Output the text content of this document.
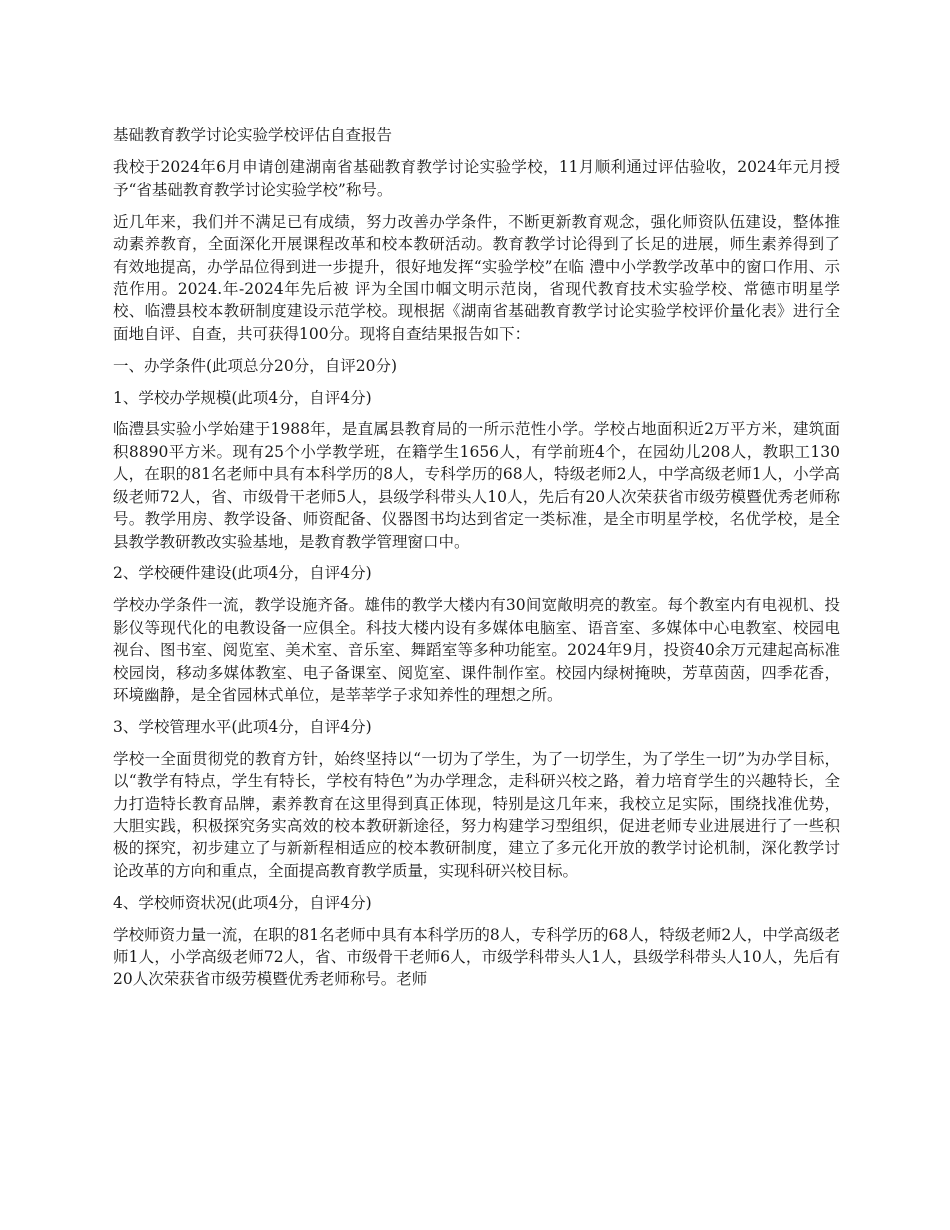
基础教育教学讨论实验学校评估自查报告

我校于2024年6月申请创建湖南省基础教育教学讨论实验学校，11月顺利通过评估验收，2024年元月授予“省基础教育教学讨论实验学校”称号。

近几年来，我们并不满足已有成绩，努力改善办学条件，不断更新教育观念，强化师资队伍建设，整体推动素养教育，全面深化开展课程改革和校本教研活动。教育教学讨论得到了长足的进展，师生素养得到了有效地提高，办学品位得到进一步提升，很好地发挥“实验学校”在临 澧中小学教学改革中的窗口作用、示范作用。2024.年-2024年先后被 评为全国巾帼文明示范岗，省现代教育技术实验学校、常德市明星学校、临澧县校本教研制度建设示范学校。现根据《湖南省基础教育教学讨论实验学校评价量化表》进行全面地自评、自查，共可获得100分。现将自查结果报告如下：

一、办学条件(此项总分20分，自评20分)

1、学校办学规模(此项4分，自评4分)

临澧县实验小学始建于1988年，是直属县教育局的一所示范性小学。学校占地面积近2万平方米，建筑面积8890平方米。现有25个小学教学班，在籍学生1656人，有学前班4个，在园幼儿208人，教职工130人，在职的81名老师中具有本科学历的8人，专科学历的68人，特级老师2人，中学高级老师1人，小学高级老师72人，省、市级骨干老师5人，县级学科带头人10人，先后有20人次荣获省市级劳模暨优秀老师称号。教学用房、教学设备、师资配备、仪器图书均达到省定一类标准，是全市明星学校，名优学校，是全县教学教研教改实验基地，是教育教学管理窗口中。

2、学校硬件建设(此项4分，自评4分)

学校办学条件一流，教学设施齐备。雄伟的教学大楼内有30间宽敞明亮的教室。每个教室内有电视机、投影仪等现代化的电教设备一应俱全。科技大楼内设有多媒体电脑室、语音室、多媒体中心电教室、校园电视台、图书室、阅览室、美术室、音乐室、舞蹈室等多种功能室。2024年9月，投资40余万元建起高标准校园岗，移动多媒体教室、电子备课室、阅览室、课件制作室。校园内绿树掩映，芳草茵茵，四季花香，环境幽静，是全省园林式单位，是莘莘学子求知养性的理想之所。

3、学校管理水平(此项4分，自评4分)

学校一全面贯彻党的教育方针，始终坚持以“一切为了学生，为了一切学生，为了学生一切”为办学目标，以“教学有特点，学生有特长，学校有特色”为办学理念，走科研兴校之路，着力培育学生的兴趣特长，全力打造特长教育品牌，素养教育在这里得到真正体现，特别是这几年来，我校立足实际，围绕找准优势，大胆实践，积极探究务实高效的校本教研新途径，努力构建学习型组织，促进老师专业进展进行了一些积极的探究，初步建立了与新新程相适应的校本教研制度，建立了多元化开放的教学讨论机制，深化教学讨论改革的方向和重点，全面提高教育教学质量，实现科研兴校目标。

4、学校师资状况(此项4分，自评4分)

学校师资力量一流，在职的81名老师中具有本科学历的8人，专科学历的68人，特级老师2人，中学高级老师1人，小学高级老师72人，省、市级骨干老师6人，市级学科带头人1人，县级学科带头人10人，先后有20人次荣获省市级劳模暨优秀老师称号。老师
